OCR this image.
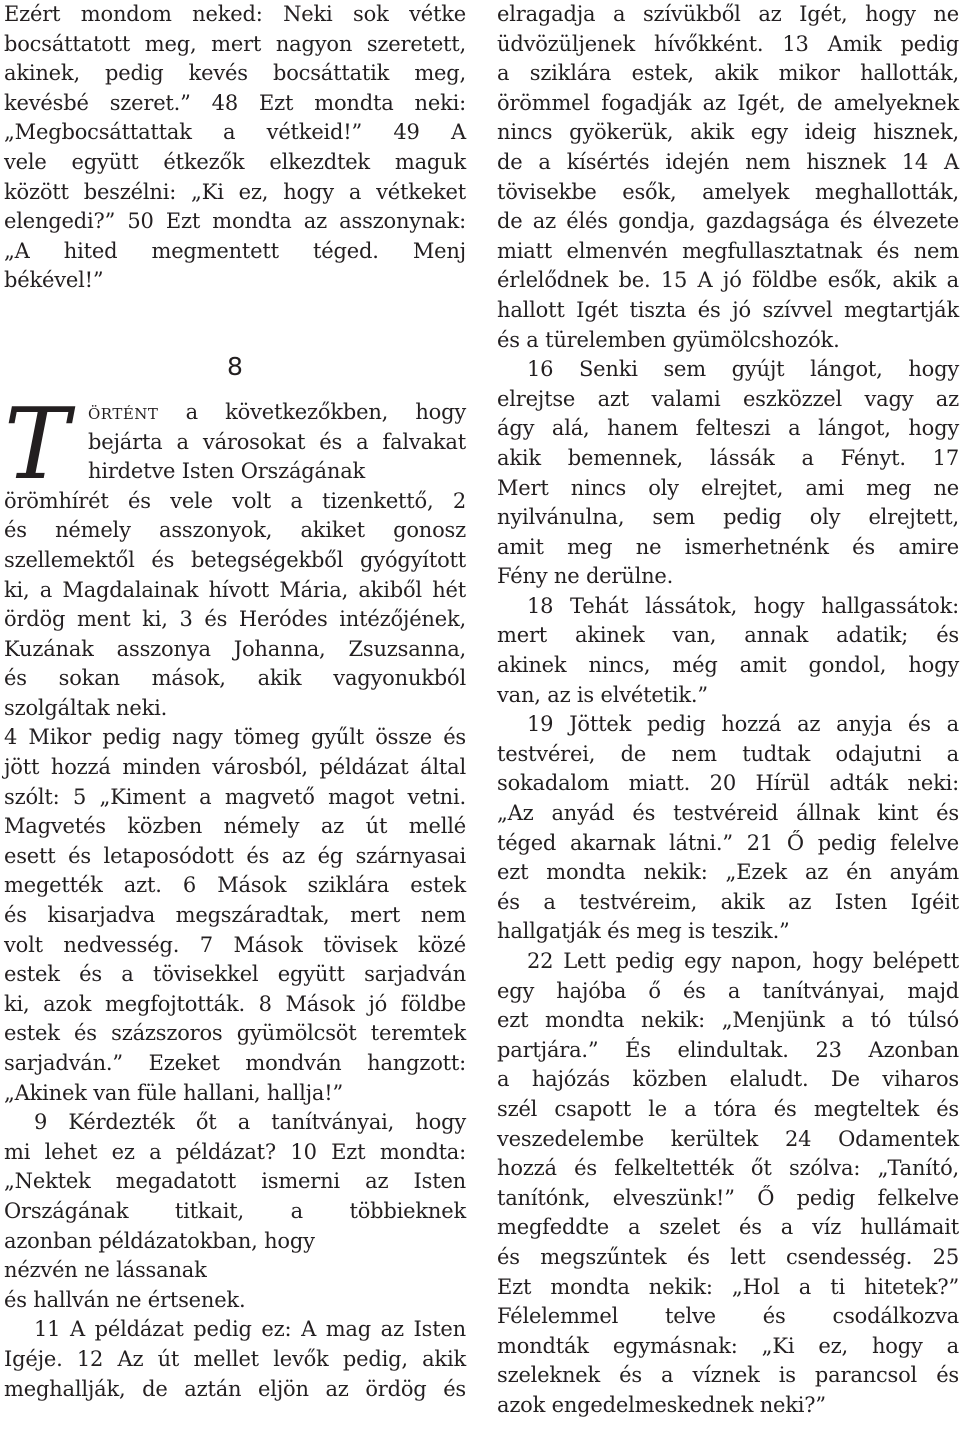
Ezért mondom neked: Neki sok vétke
bocsáttatott meg, mert nagyon szeretett,
akinek, pedig kevés bocsáttatik meg,
kevésbé szeret.” 48 Ezt mondta neki:
„Megbocsáttattak a vétkeid!” 49 A
vele együtt étkezők elkezdtek maguk
között beszélni: „Ki ez, hogy a vétkeket
elengedi?” 50 Ezt mondta az asszonynak:
„A hited megmentett téged. Menj
békével!”
8
T	ÖRTÉNT a következőkben, hogy
bejárta a városokat és a falvakat
hirdetve Isten Országának
örömhírét és vele volt a tizenkettő, 2
és némely asszonyok, akiket gonosz
szellemektől és betegségekből gyógyított
ki, a Magdalainak hívott Mária, akiből hét
ördög ment ki, 3 és Heródes intézőjének,
Kuzának asszonya Johanna, Zsuzsanna,
és sokan mások, akik vagyonukból
szolgáltak neki.
4 Mikor pedig nagy tömeg gyűlt össze és
jött hozzá minden városból, példázat által
szólt: 5 „Kiment a magvető magot vetni.
Magvetés közben némely az út mellé
esett és letaposódott és az ég szárnyasai
megették azt. 6 Mások sziklára estek
és kisarjadva megszáradtak, mert nem
volt nedvesség. 7 Mások tövisek közé
estek és a tövisekkel együtt sarjadván
ki, azok megfojtották. 8 Mások jó földbe
estek és százszoros gyümölcsöt teremtek
sarjadván.” Ezeket mondván hangzott:
„Akinek van füle hallani, hallja!”
9 Kérdezték őt a tanítványai, hogy
mi lehet ez a példázat? 10 Ezt mondta:
„Nektek megadatott ismerni az Isten
Országának titkait, a többieknek
azonban példázatokban, hogy
nézvén ne lássanak
és hallván ne értsenek.
11 A példázat pedig ez: A mag az Isten
Igéje. 12 Az út mellet levők pedig, akik
meghallják, de aztán eljön az ördög és
elragadja a szívükből az Igét, hogy ne
üdvözüljenek hívőkként. 13 Amik pedig
a sziklára estek, akik mikor hallották,
örömmel fogadják az Igét, de amelyeknek
nincs gyökerük, akik egy ideig hisznek,
de a kísértés idején nem hisznek 14 A
tövisekbe esők, amelyek meghallották,
de az élés gondja, gazdagsága és élvezete
miatt elmenvén megfullasztatnak és nem
érlelődnek be. 15 A jó földbe esők, akik a
hallott Igét tiszta és jó szívvel megtartják
és a türelemben gyümölcshozók.
16 Senki sem gyújt lángot, hogy
elrejtse azt valami eszközzel vagy az
ágy alá, hanem felteszi a lángot, hogy
akik bemennek, lássák a Fényt. 17
Mert nincs oly elrejtet, ami meg ne
nyilvánulna, sem pedig oly elrejtett,
amit meg ne ismerhetnénk és amire
Fény ne derülne.
18 Tehát lássátok, hogy hallgassátok:
mert akinek van, annak adatik; és
akinek nincs, még amit gondol, hogy
van, az is elvétetik.”
19 Jöttek pedig hozzá az anyja és a
testvérei, de nem tudtak odajutni a
sokadalom miatt. 20 Hírül adták neki:
„Az anyád és testvéreid állnak kint és
téged akarnak látni.” 21 Ő pedig felelve
ezt mondta nekik: „Ezek az én anyám
és a testvéreim, akik az Isten Igéit
hallgatják és meg is teszik.”
22 Lett pedig egy napon, hogy belépett
egy hajóba ő és a tanítványai, majd
ezt mondta nekik: „Menjünk a tó túlsó
partjára.” És elindultak. 23 Azonban
a hajózás közben elaludt. De viharos
szél csapott le a tóra és megteltek és
veszedelembe kerültek 24 Odamentek
hozzá és felkeltették őt szólva: „Tanító,
tanítónk, elveszünk!” Ő pedig felkelve
megfeddte a szelet és a víz hullámait
és megszűntek és lett csendesség. 25
Ezt mondta nekik: „Hol a ti hitetek?”
Félelemmel telve és csodálkozva
mondták egymásnak: „Ki ez, hogy a
szeleknek és a víznek is parancsol és
azok engedelmeskednek neki?”
